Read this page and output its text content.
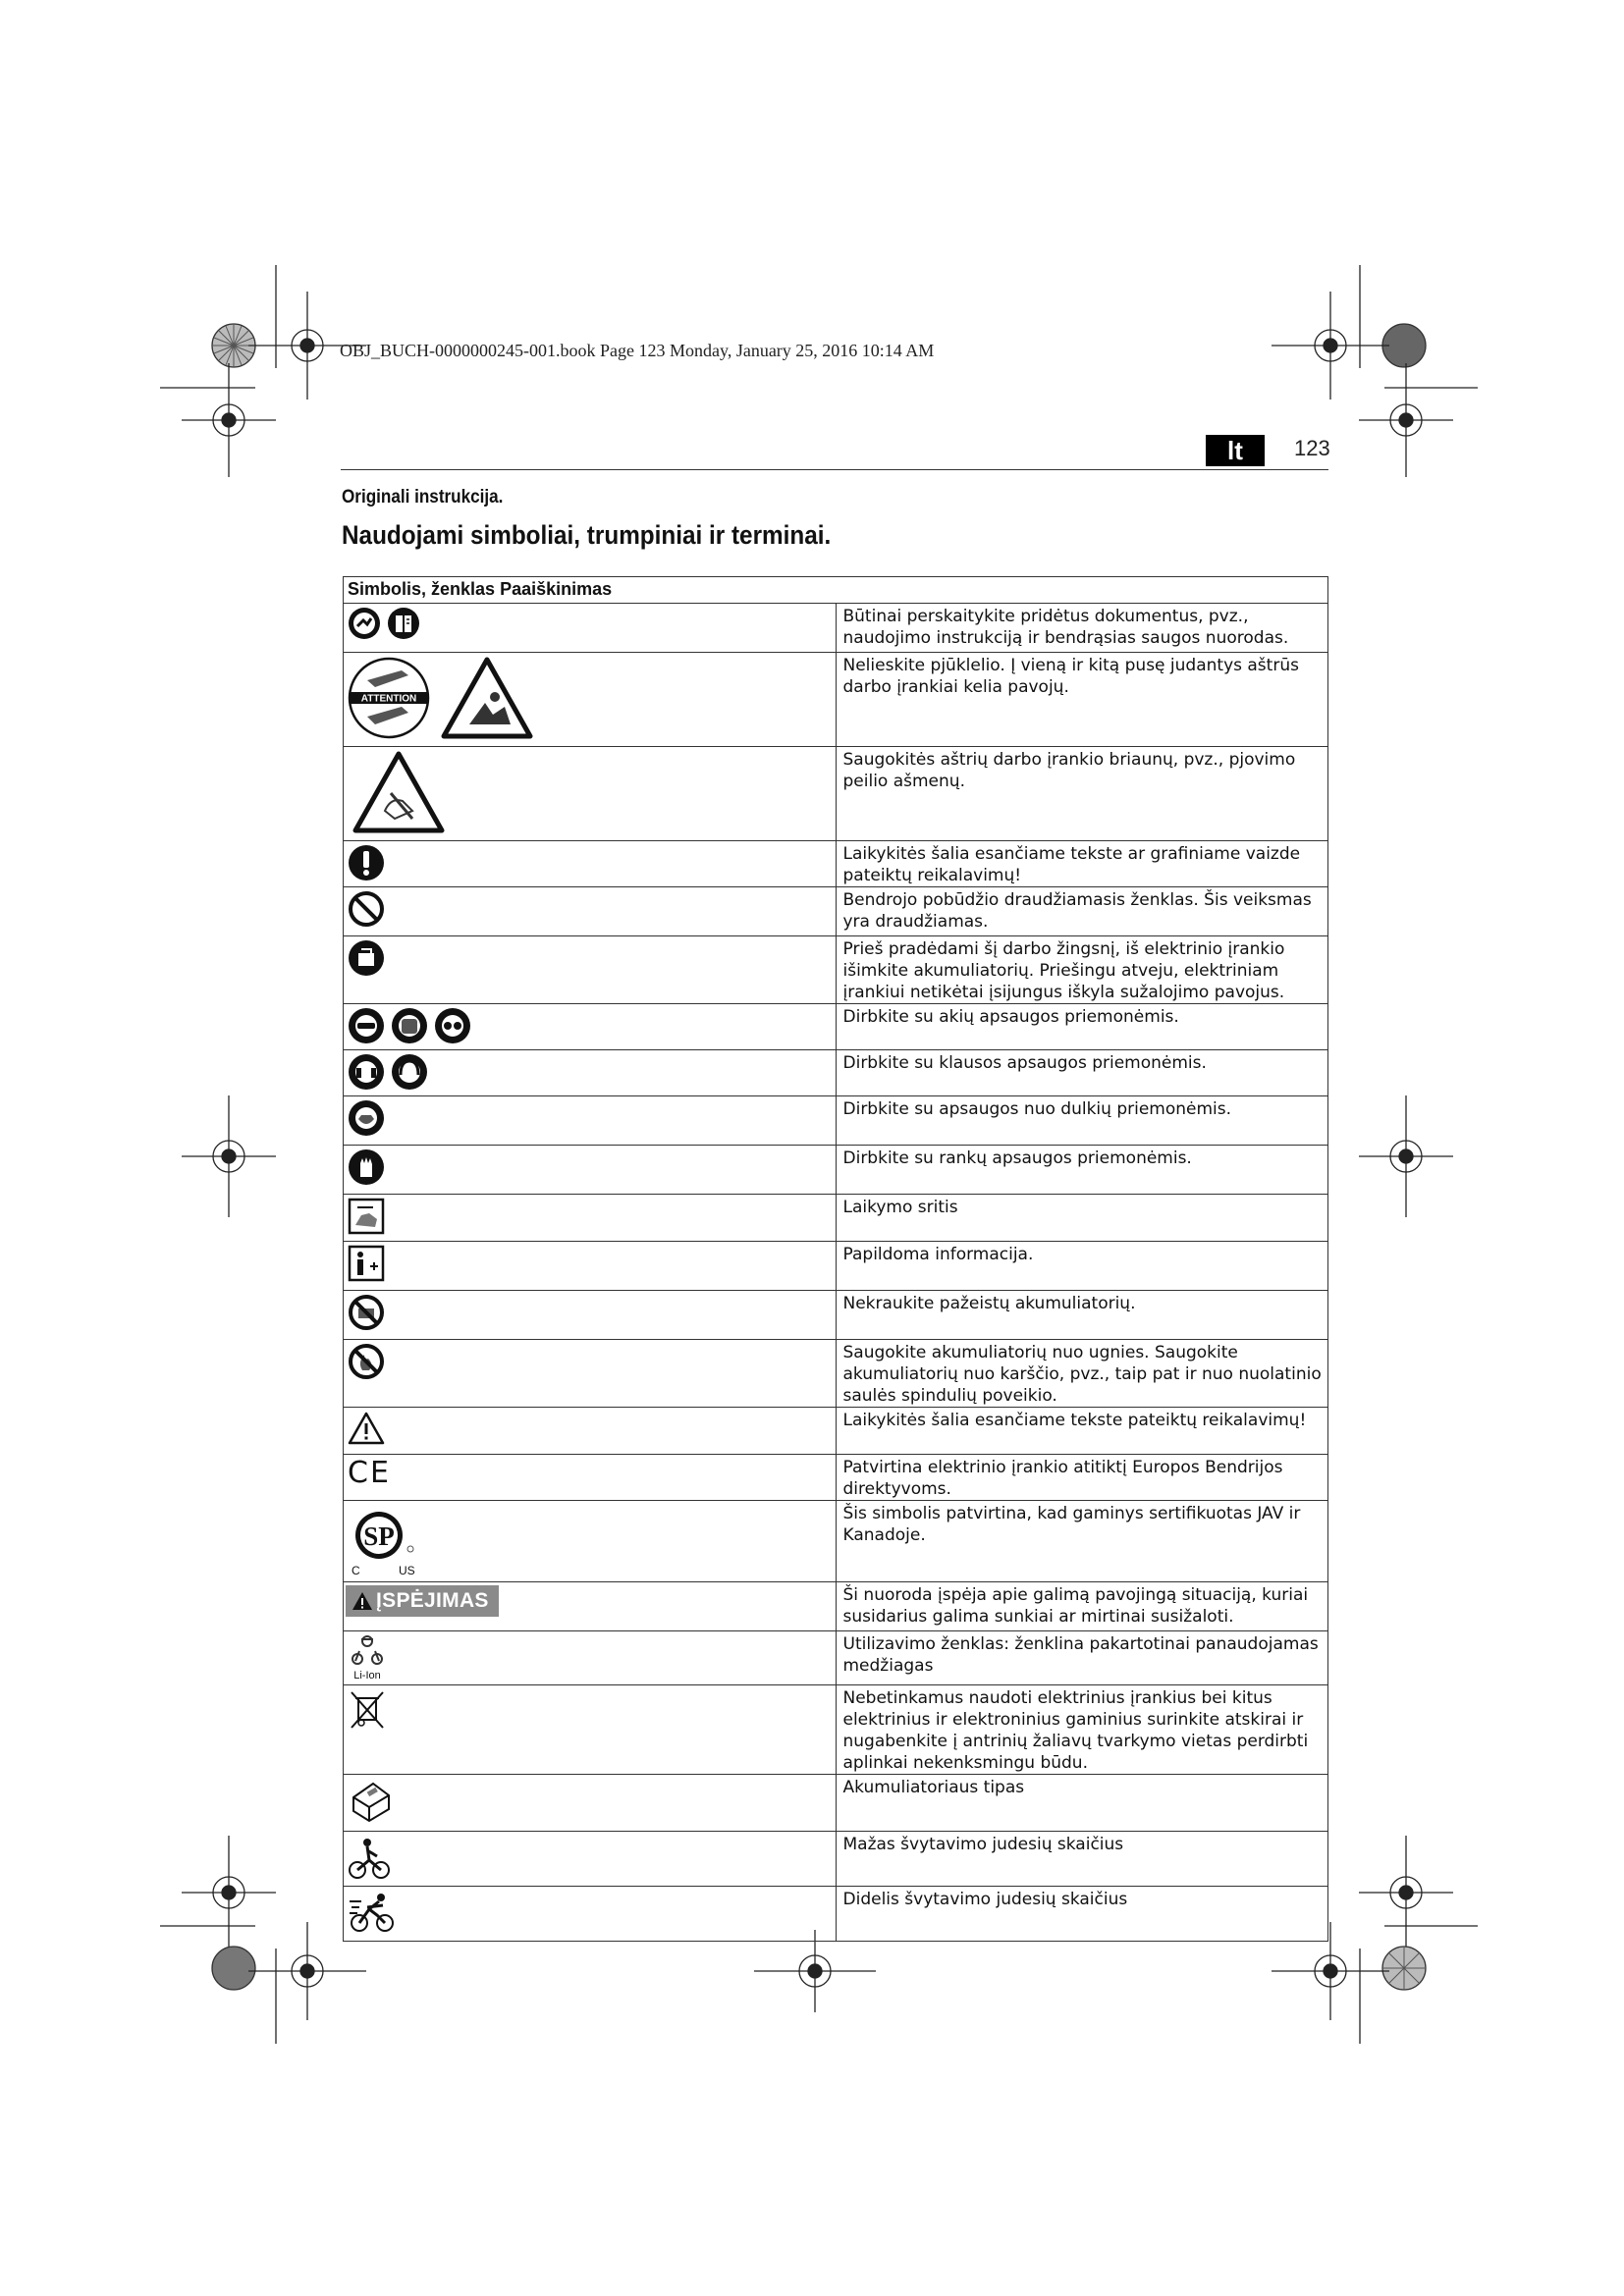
OBJ_BUCH-0000000245-001.book Page 123 Monday, January 25, 2016 10:14 AM
lt	123
Originali instrukcija.
Naudojami simboliai, trumpiniai ir terminai.
Simbolis, ženklas Paaiškinimas	

	Būtinai perskaitykite pridėtus dokumentus, pvz., naudojimo instrukciją ir bendrąsias saugos nuorodas.

ATTENTION	Nelieskite pjūklelio. Į vieną ir kitą pusę judantys aštrūs darbo įrankiai kelia pavojų.

	Saugokitės aštrių darbo įrankio briaunų, pvz., pjovimo peilio ašmenų.

	Laikykitės šalia esančiame tekste ar grafiniame vaizde pateiktų reikalavimų!

	Bendrojo pobūdžio draudžiamasis ženklas. Šis veiksmas yra draudžiamas.

	Prieš pradėdami šį darbo žingsnį, iš elektrinio įrankio išimkite akumuliatorių. Priešingu atveju, elektriniam įrankiui netikėtai įsijungus iškyla sužalojimo pavojus.

	Dirbkite su akių apsaugos priemonėmis.

	Dirbkite su klausos apsaugos priemonėmis.

	Dirbkite su apsaugos nuo dulkių priemonėmis.

	Dirbkite su rankų apsaugos priemonėmis.

	Laikymo sritis

	Papildoma informacija.

	Nekraukite pažeistų akumuliatorių.

	Saugokite akumuliatorių nuo ugnies. Saugokite akumuliatorių nuo karščio, pvz., taip pat ir nuo nuolatinio saulės spindulių poveikio.

	Laikykitės šalia esančiame tekste pateiktų reikalavimų!

CE	Patvirtina elektrinio įrankio atitiktį Europos Bendrijos direktyvoms.

SP
C US	Šis simbolis patvirtina, kad gaminys sertifikuotas JAV ir Kanadoje.

ĮSPĖJIMAS	Ši nuoroda įspėja apie galimą pavojingą situaciją, kuriai susidarius galima sunkiai ar mirtinai susižaloti.

Li-Ion	Utilizavimo ženklas: ženklina pakartotinai panaudojamas medžiagas

	Nebetinkamus naudoti elektrinius įrankius bei kitus elektrinius ir elektroninius gaminius surinkite atskirai ir nugabenkite į antrinių žaliavų tvarkymo vietas perdirbti aplinkai nekenksmingu būdu.

	Akumuliatoriaus tipas

	Mažas švytavimo judesių skaičius

	Didelis švytavimo judesių skaičius
